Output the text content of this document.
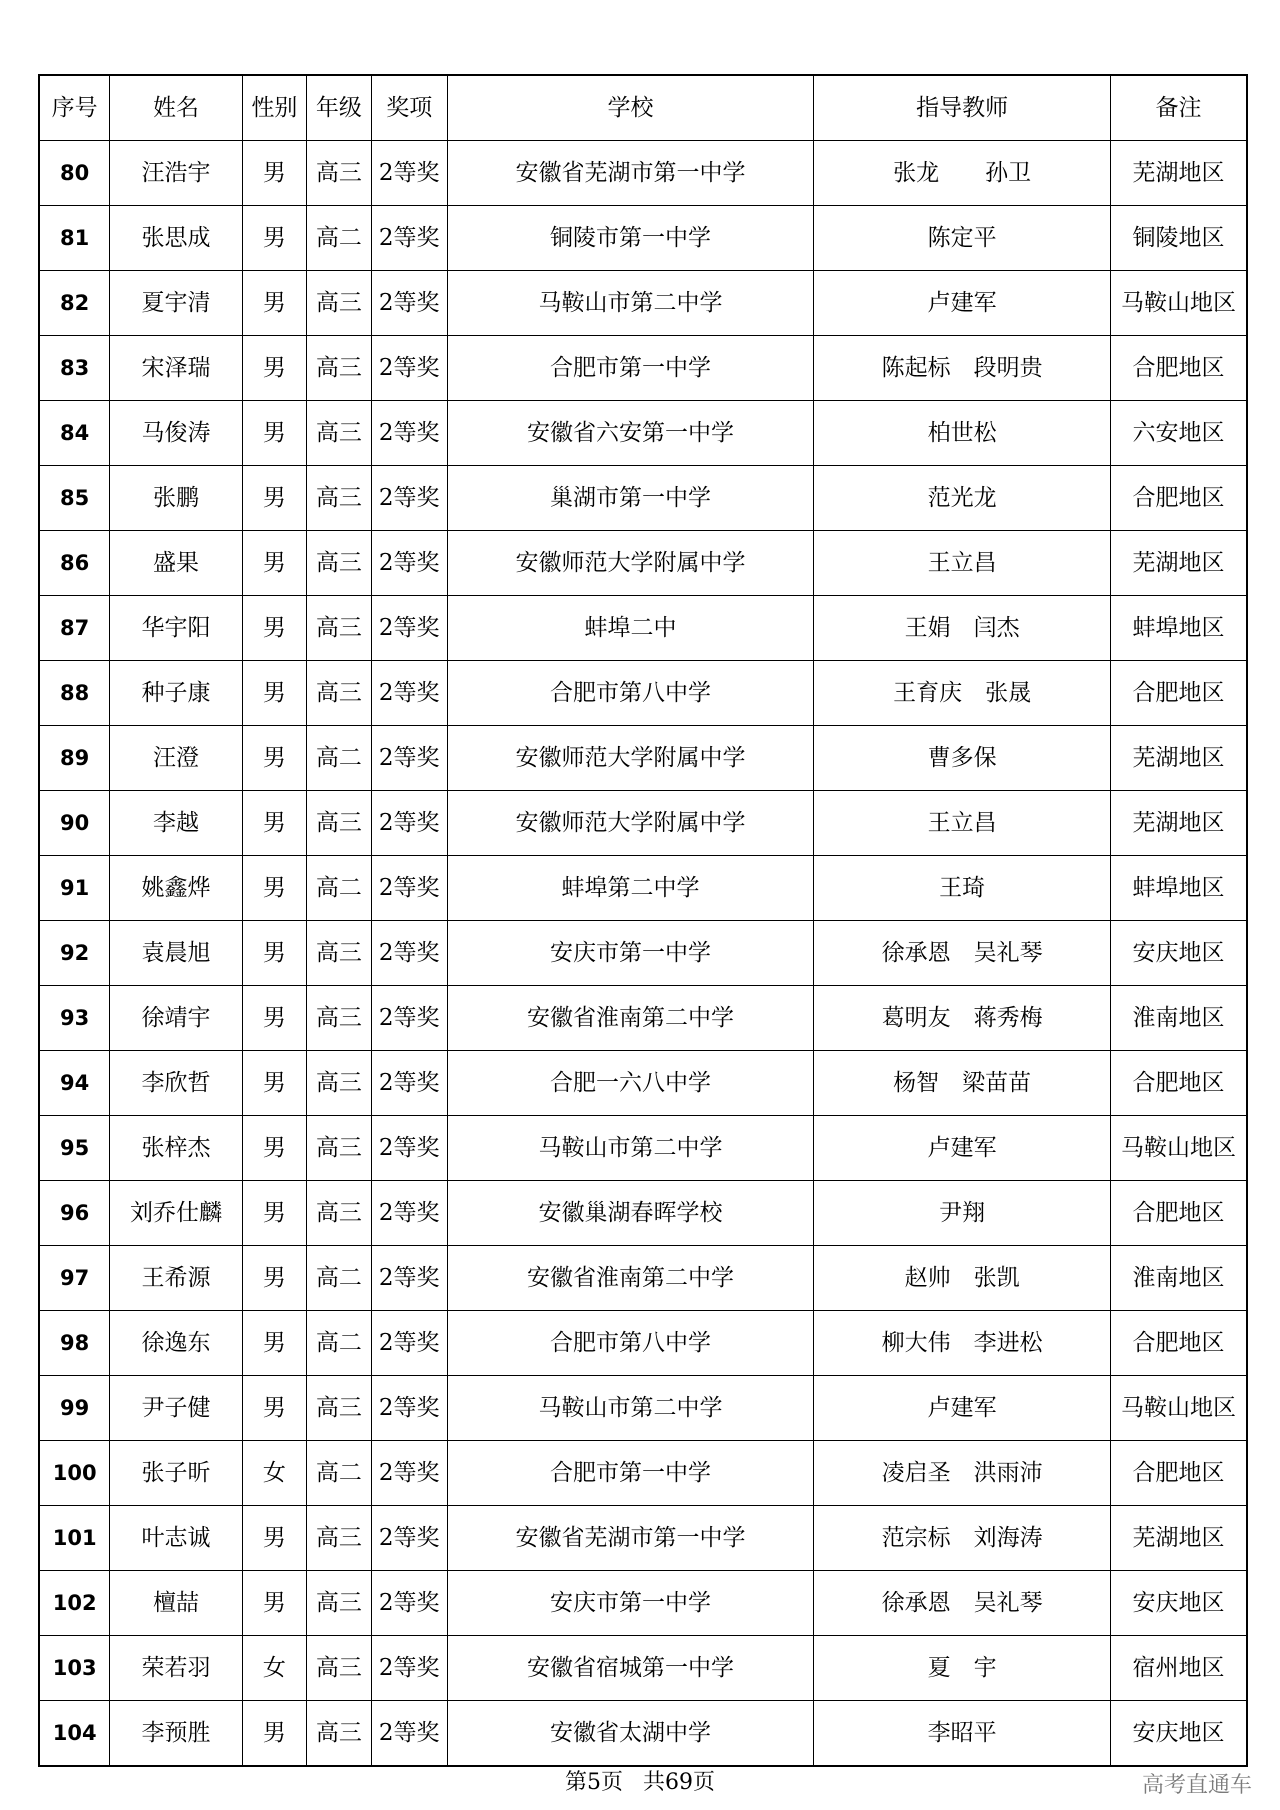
序号	姓名	性别	年级	奖项	学校	指导教师	备注
80	汪浩宇	男	高三	2等奖	安徽省芜湖市第一中学	张龙　　孙卫	芜湖地区
81	张思成	男	高二	2等奖	铜陵市第一中学	陈定平	铜陵地区
82	夏宇清	男	高三	2等奖	马鞍山市第二中学	卢建军	马鞍山地区
83	宋泽瑞	男	高三	2等奖	合肥市第一中学	陈起标　段明贵	合肥地区
84	马俊涛	男	高三	2等奖	安徽省六安第一中学	柏世松	六安地区
85	张鹏	男	高三	2等奖	巢湖市第一中学	范光龙	合肥地区
86	盛果	男	高三	2等奖	安徽师范大学附属中学	王立昌	芜湖地区
87	华宇阳	男	高三	2等奖	蚌埠二中	王娟　闫杰	蚌埠地区
88	种子康	男	高三	2等奖	合肥市第八中学	王育庆　张晟	合肥地区
89	汪澄	男	高二	2等奖	安徽师范大学附属中学	曹多保	芜湖地区
90	李越	男	高三	2等奖	安徽师范大学附属中学	王立昌	芜湖地区
91	姚鑫烨	男	高二	2等奖	蚌埠第二中学	王琦	蚌埠地区
92	袁晨旭	男	高三	2等奖	安庆市第一中学	徐承恩　吴礼琴	安庆地区
93	徐靖宇	男	高三	2等奖	安徽省淮南第二中学	葛明友　蒋秀梅	淮南地区
94	李欣哲	男	高三	2等奖	合肥一六八中学	杨智　梁苗苗	合肥地区
95	张梓杰	男	高三	2等奖	马鞍山市第二中学	卢建军	马鞍山地区
96	刘乔仕麟	男	高三	2等奖	安徽巢湖春晖学校	尹翔	合肥地区
97	王希源	男	高二	2等奖	安徽省淮南第二中学	赵帅　张凯	淮南地区
98	徐逸东	男	高二	2等奖	合肥市第八中学	柳大伟　李进松	合肥地区
99	尹子健	男	高三	2等奖	马鞍山市第二中学	卢建军	马鞍山地区
100	张子昕	女	高二	2等奖	合肥市第一中学	凌启圣　洪雨沛	合肥地区
101	叶志诚	男	高三	2等奖	安徽省芜湖市第一中学	范宗标　刘海涛	芜湖地区
102	檀喆	男	高三	2等奖	安庆市第一中学	徐承恩　吴礼琴	安庆地区
103	荣若羽	女	高三	2等奖	安徽省宿城第一中学	夏　宇	宿州地区
104	李预胜	男	高三	2等奖	安徽省太湖中学	李昭平	安庆地区
第5页 共69页	高考直通车
